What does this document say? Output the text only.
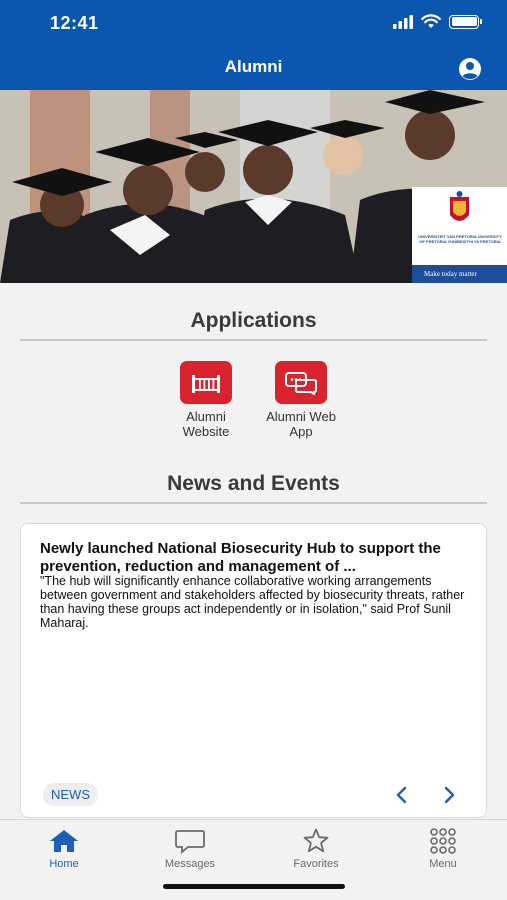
12:41
Alumni
UNIVERSITEIT VAN PRETORIA UNIVERSITY OF PRETORIA YUNIBESITHI YA PRETORIA
Make today matter
Applications
Alumni
Website
Alumni Web
App
News and Events
Newly launched National Biosecurity Hub to support the prevention, reduction and management of ...
"The hub will significantly enhance collaborative working arrangements between government and stakeholders affected by biosecurity threats, rather than having these groups act independently or in isolation," said Prof Sunil Maharaj.
NEWS
Home	Messages	Favorites	Menu
